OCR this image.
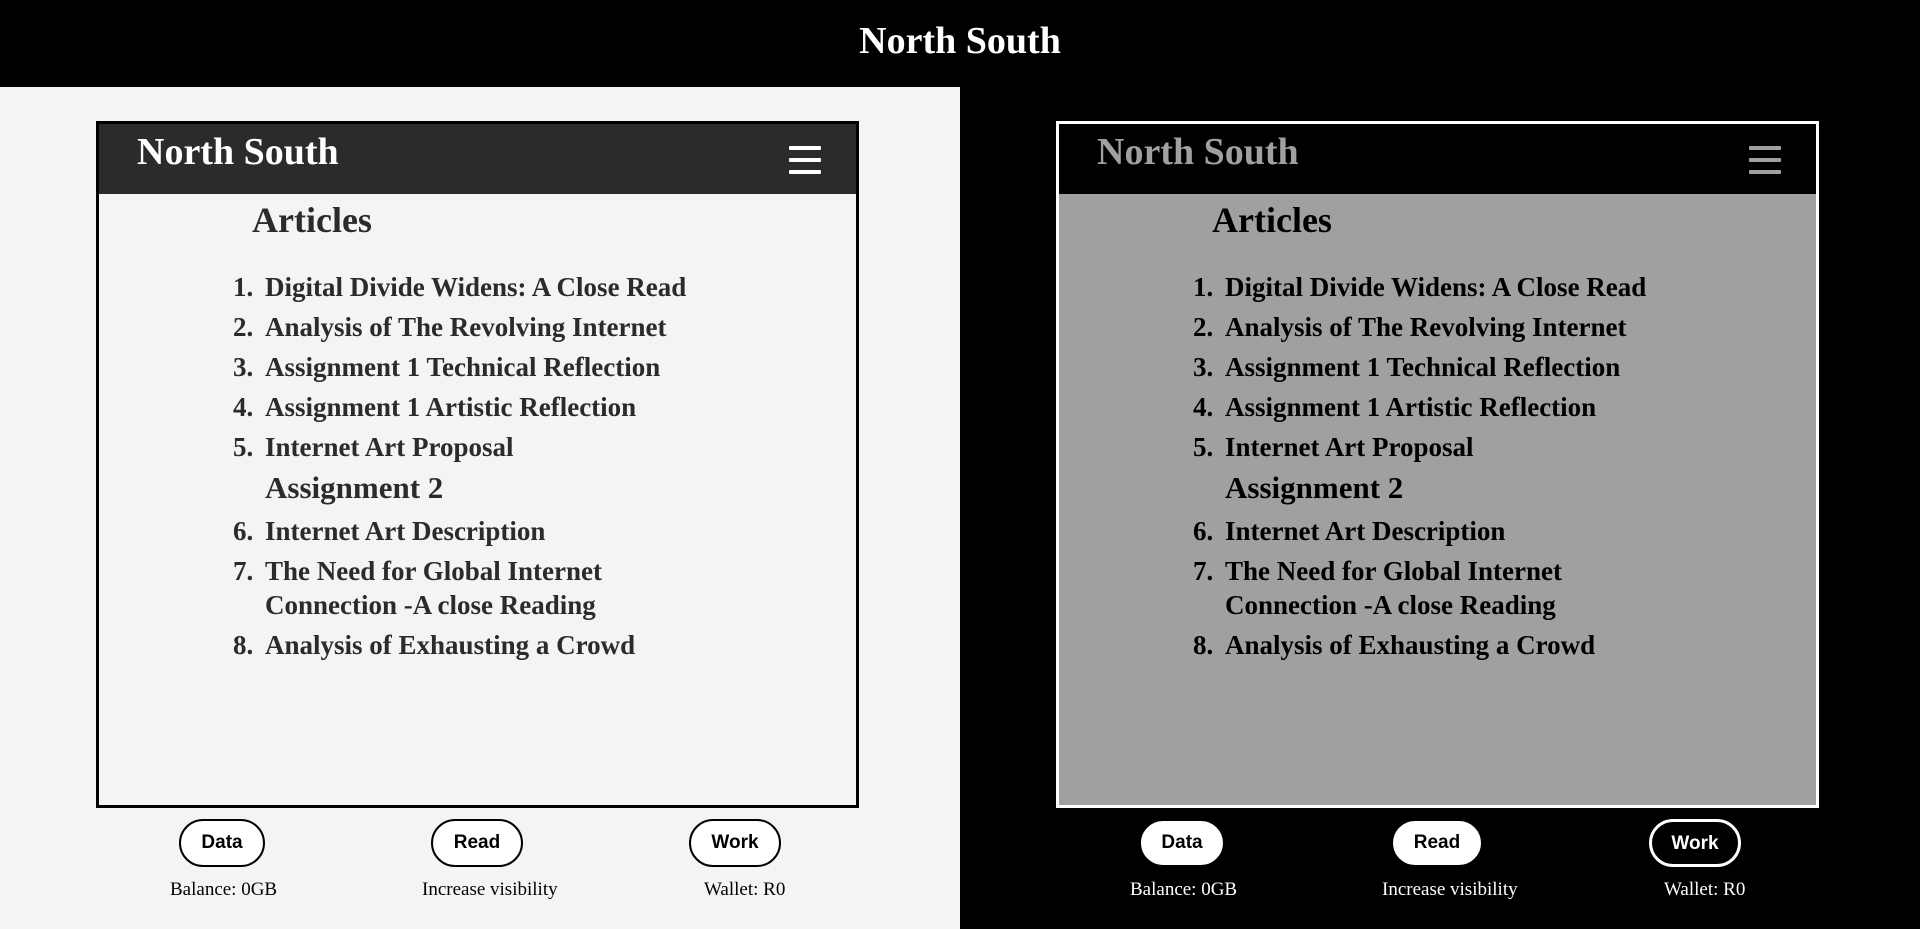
North South
North South
Articles
1. Digital Divide Widens: A Close Read
2. Analysis of The Revolving Internet
3. Assignment 1 Technical Reflection
4. Assignment 1 Artistic Reflection
5. Internet Art Proposal
Assignment 2
6. Internet Art Description
7. The Need for Global Internet Connection -A close Reading
8. Analysis of Exhausting a Crowd
Data
Balance: 0GB
Read
Increase visibility
Work
Wallet: R0
North South
Articles
1. Digital Divide Widens: A Close Read
2. Analysis of The Revolving Internet
3. Assignment 1 Technical Reflection
4. Assignment 1 Artistic Reflection
5. Internet Art Proposal
Assignment 2
6. Internet Art Description
7. The Need for Global Internet Connection -A close Reading
8. Analysis of Exhausting a Crowd
Data
Balance: 0GB
Read
Increase visibility
Work
Wallet: R0
